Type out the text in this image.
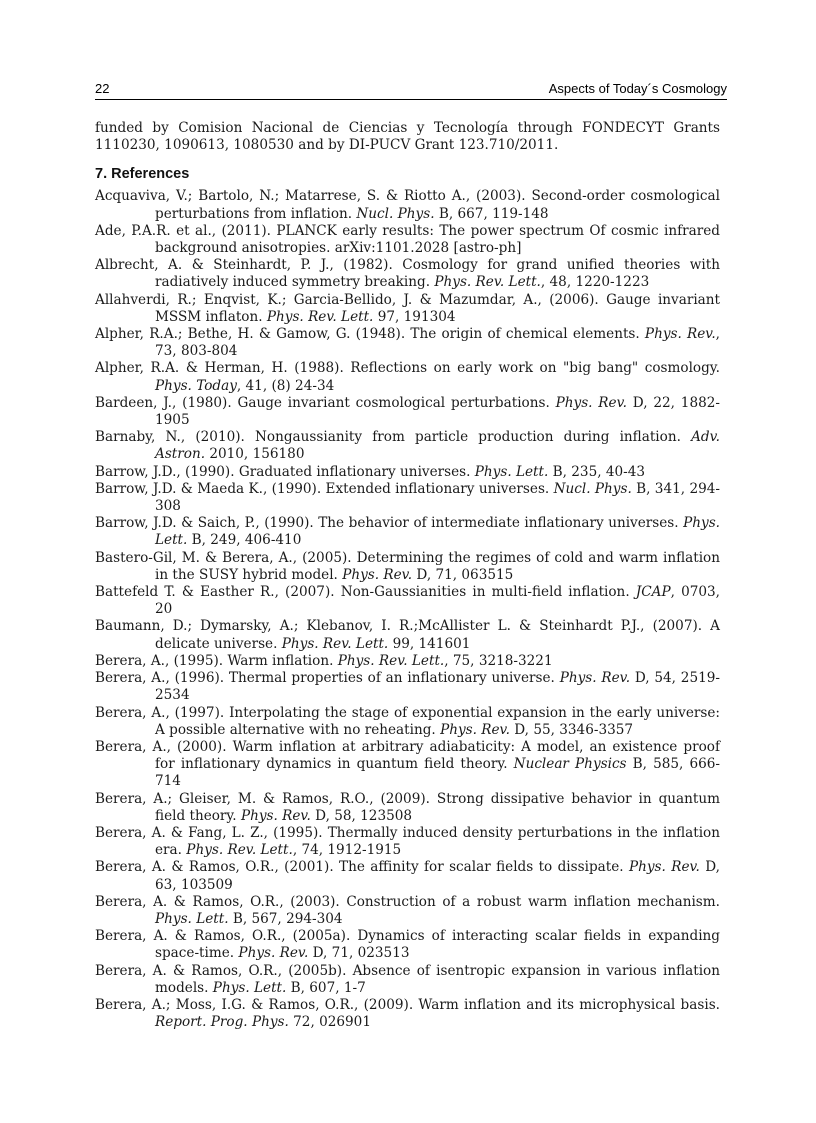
22	Aspects of Today´s Cosmology

funded by Comision Nacional de Ciencias y Tecnología through FONDECYT Grants 1110230, 1090613, 1080530 and by DI-PUCV Grant 123.710/2011.

7. References
Acquaviva, V.; Bartolo, N.; Matarrese, S. & Riotto A., (2003). Second-order cosmological perturbations from inflation. Nucl. Phys. B, 667, 119-148
Ade, P.A.R. et al., (2011). PLANCK early results: The power spectrum Of cosmic infrared background anisotropies. arXiv:1101.2028 [astro-ph]
Albrecht, A. & Steinhardt, P. J., (1982). Cosmology for grand unified theories with radiatively induced symmetry breaking. Phys. Rev. Lett., 48, 1220-1223
Allahverdi, R.; Enqvist, K.; Garcia-Bellido, J. & Mazumdar, A., (2006). Gauge invariant MSSM inflaton. Phys. Rev. Lett. 97, 191304
Alpher, R.A.; Bethe, H. & Gamow, G. (1948). The origin of chemical elements. Phys. Rev., 73, 803-804
Alpher, R.A. & Herman, H. (1988). Reflections on early work on "big bang" cosmology. Phys. Today, 41, (8) 24-34
Bardeen, J., (1980). Gauge invariant cosmological perturbations. Phys. Rev. D, 22, 1882-1905
Barnaby, N., (2010). Nongaussianity from particle production during inflation. Adv. Astron. 2010, 156180
Barrow, J.D., (1990). Graduated inflationary universes. Phys. Lett. B, 235, 40-43
Barrow, J.D. & Maeda K., (1990). Extended inflationary universes. Nucl. Phys. B, 341, 294-308
Barrow, J.D. & Saich, P., (1990). The behavior of intermediate inflationary universes. Phys. Lett. B, 249, 406-410
Bastero-Gil, M. & Berera, A., (2005). Determining the regimes of cold and warm inflation in the SUSY hybrid model. Phys. Rev. D, 71, 063515
Battefeld T. & Easther R., (2007). Non-Gaussianities in multi-field inflation. JCAP, 0703, 20
Baumann, D.; Dymarsky, A.; Klebanov, I. R.;McAllister L. & Steinhardt P.J., (2007). A delicate universe. Phys. Rev. Lett. 99, 141601
Berera, A., (1995). Warm inflation. Phys. Rev. Lett., 75, 3218-3221
Berera, A., (1996). Thermal properties of an inflationary universe. Phys. Rev. D, 54, 2519-2534
Berera, A., (1997). Interpolating the stage of exponential expansion in the early universe: A possible alternative with no reheating. Phys. Rev. D, 55, 3346-3357
Berera, A., (2000). Warm inflation at arbitrary adiabaticity: A model, an existence proof for inflationary dynamics in quantum field theory. Nuclear Physics B, 585, 666-714
Berera, A.; Gleiser, M. & Ramos, R.O., (2009). Strong dissipative behavior in quantum field theory. Phys. Rev. D, 58, 123508
Berera, A. & Fang, L. Z., (1995). Thermally induced density perturbations in the inflation era. Phys. Rev. Lett., 74, 1912-1915
Berera, A. & Ramos, O.R., (2001). The affinity for scalar fields to dissipate. Phys. Rev. D, 63, 103509
Berera, A. & Ramos, O.R., (2003). Construction of a robust warm inflation mechanism. Phys. Lett. B, 567, 294-304
Berera, A. & Ramos, O.R., (2005a). Dynamics of interacting scalar fields in expanding space-time. Phys. Rev. D, 71, 023513
Berera, A. & Ramos, O.R., (2005b). Absence of isentropic expansion in various inflation models. Phys. Lett. B, 607, 1-7
Berera, A.; Moss, I.G. & Ramos, O.R., (2009). Warm inflation and its microphysical basis. Report. Prog. Phys. 72, 026901
